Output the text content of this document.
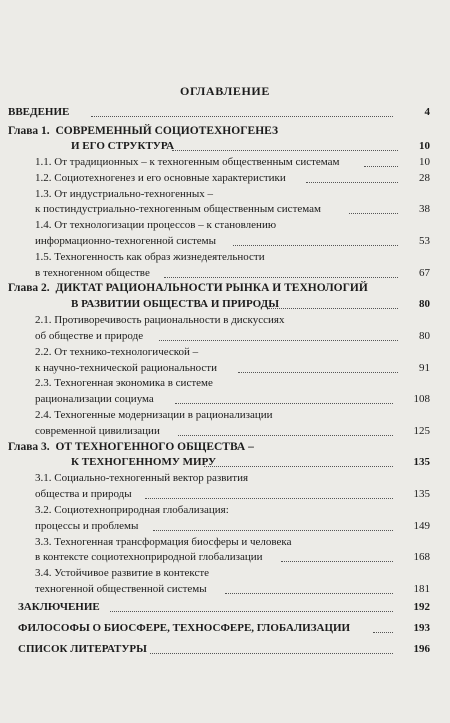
ОГЛАВЛЕНИЕ
ВВЕДЕНИЕ	4
Глава 1. СОВРЕМЕННЫЙ СОЦИОТЕХНОГЕНЕЗ
И ЕГО СТРУКТУРА	10
1.1. От традиционных – к техногенным общественным системам	10
1.2. Социотехногенез и его основные характеристики	28
1.3. От индустриально-техногенных –
к постиндустриально-техногенным общественным системам	38
1.4. От технологизации процессов – к становлению
информационно-техногенной системы	53
1.5. Техногенность как образ жизнедеятельности
в техногенном обществе	67
Глава 2. ДИКТАТ РАЦИОНАЛЬНОСТИ РЫНКА И ТЕХНОЛОГИЙ
В РАЗВИТИИ ОБЩЕСТВА И ПРИРОДЫ	80
2.1. Противоречивость рациональности в дискуссиях
об обществе и природе	80
2.2. От технико-технологической –
к научно-технической рациональности	91
2.3. Техногенная экономика в системе
рационализации социума	108
2.4. Техногенные модернизации в рационализации
современной цивилизации	125
Глава 3. ОТ ТЕХНОГЕННОГО ОБЩЕСТВА –
К ТЕХНОГЕННОМУ МИРУ	135
3.1. Социально-техногенный вектор развития
общества и природы	135
3.2. Социотехноприродная глобализация:
процессы и проблемы	149
3.3. Техногенная трансформация биосферы и человека
в контексте социотехноприродной глобализации	168
3.4. Устойчивое развитие в контексте
техногенной общественной системы	181
ЗАКЛЮЧЕНИЕ	192
ФИЛОСОФЫ О БИОСФЕРЕ, ТЕХНОСФЕРЕ, ГЛОБАЛИЗАЦИИ	193
СПИСОК ЛИТЕРАТУРЫ	196
